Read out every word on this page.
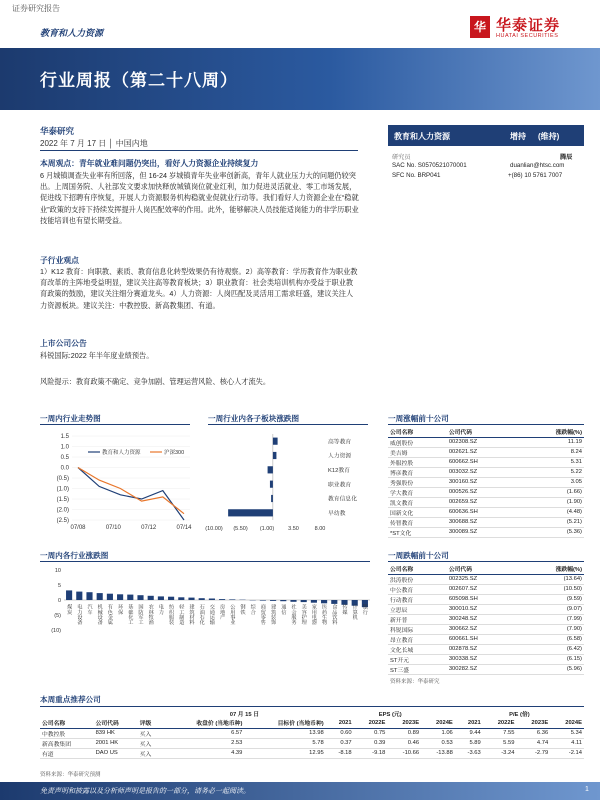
证券研究报告
教育和人力资源	华 华泰证券
HUATAI SECURITIES
行业周报（第二十八周）
华泰研究
2022 年 7 月 17 日 │ 中国内地
本周观点：青年就业难问题仍突出，看好人力资源企业持续复力
6 月城镇调查失业率有所回落，但 16-24 岁城镇青年失业率创新高，青年人就业压力大的问题仍较突出。上周国务院、人社部发文要求加快释放城镇岗位就业红利，加力促进灵活就业、零工市场发展，促进线下招聘有序恢复，开展人力资源服务机构稳就业促就业行动等。我们看好人力资源企业在“稳就业”政策的支持下持续发挥提升人岗匹配效率的作用。此外，能够解决人员技能适岗能力的非学历职业技能培训也有望长期受益。
子行业观点
1）K12 教育：向职教、素质、教育信息化转型效果仍有待观察。2）高等教育：学历教育作为职业教育改革的主阵地受益明显，建议关注高等教育板块；3）职业教育：社会类培训机构亦受益于职业教育政策的鼓励，建议关注细分赛道龙头。4）人力资源：人岗匹配及灵活用工需求旺盛，建议关注人力资源板块。建议关注：中教控股、新高教集团、有道。
上市公司公告
科锐国际:2022 年半年度业绩预告。
风险提示：教育政策不确定、竞争加剧、管理运营风险、核心人才流失。
教育和人力资源	增持 (维持)
研究员	腾辰
SAC No. S0570521070001	duanlian@htsc.com
SFC No. BRP041	+(86) 10 5761 7007
一周内行业走势图
1.5
1.0
0.5
0.0
(0.5)
(1.0)
(1.5)
(2.0)
(2.5)
07/08	07/10	07/12	07/14
教育和人力资源	沪深300
一周行业内各子板块涨跌图
高等教育
人力资源
K12教育
职业教育
教育信息化
早幼教
(10.00) (5.50) (1.00)	3.50	8.00
一周涨幅前十公司
公司名称	公司代码	涨跌幅(%)
威创股份	002308.SZ	11.19
美吉姆	002621.SZ	8.24
外服控股	600662.SH	5.31
博彦教育	003032.SZ	5.22
秀强股份	300160.SZ	3.05
学大教育	000526.SZ	(1.66)
凯文教育	002659.SZ	(1.90)
国新文化	600636.SH	(4.48)
传智教育	300688.SZ	(5.21)
*ST文化	300089.SZ	(5.36)
一周内各行业涨跌图
10
5
0
(5)
(10)
煤炭 电力设备 汽车 机械设备 有色金属 环保 基础化工 国防军工 农林牧渔 电力 纺织服装 轻工制造 建筑材料 石油石化 交通运输 房地产 公用事业 钢铁 综合 商贸零售 建筑装饰 通信 社会服务 美容护理 家用电器 医药生物 食品饮料 传媒 计算机 银行
一周跌幅前十公司
公司名称	公司代码	涨跌幅(%)
洪涛股份	002325.SZ	(13.64)
中公教育	002607.SZ	(10.50)
行动教育	605098.SH	(9.59)
立思辰	300010.SZ	(9.07)
新开普	300248.SZ	(7.99)
科锐国际	300662.SZ	(7.90)
昂立教育	600661.SH	(6.58)
文化长城	002878.SZ	(6.42)
ST开元	300338.SZ	(6.15)
ST三盛	300282.SZ	(5.96)
资料来源：华泰研究
本周重点推荐公司
			07 月 15 日		EPS (元)				P/E (倍)			
公司名称	公司代码	评级	收盘价 (当地币种)	目标价 (当地币种)	2021	2022E	2023E	2024E	2021	2022E	2023E	2024E
中教控股	839 HK	买入	6.57	13.98	0.60	0.75	0.89	1.06	9.44	7.55	6.36	5.34
新高教集团	2001 HK	买入	2.53	5.78	0.37	0.39	0.46	0.53	5.89	5.59	4.74	4.11
有道	DAO US	买入	4.39	12.95	-8.18	-9.18	-10.66	-13.88	-3.63	-3.24	-2.79	-2.14
资料来源：华泰研究预测
免责声明和披露以及分析师声明是报告的一部分，请务必一起阅读。	1
